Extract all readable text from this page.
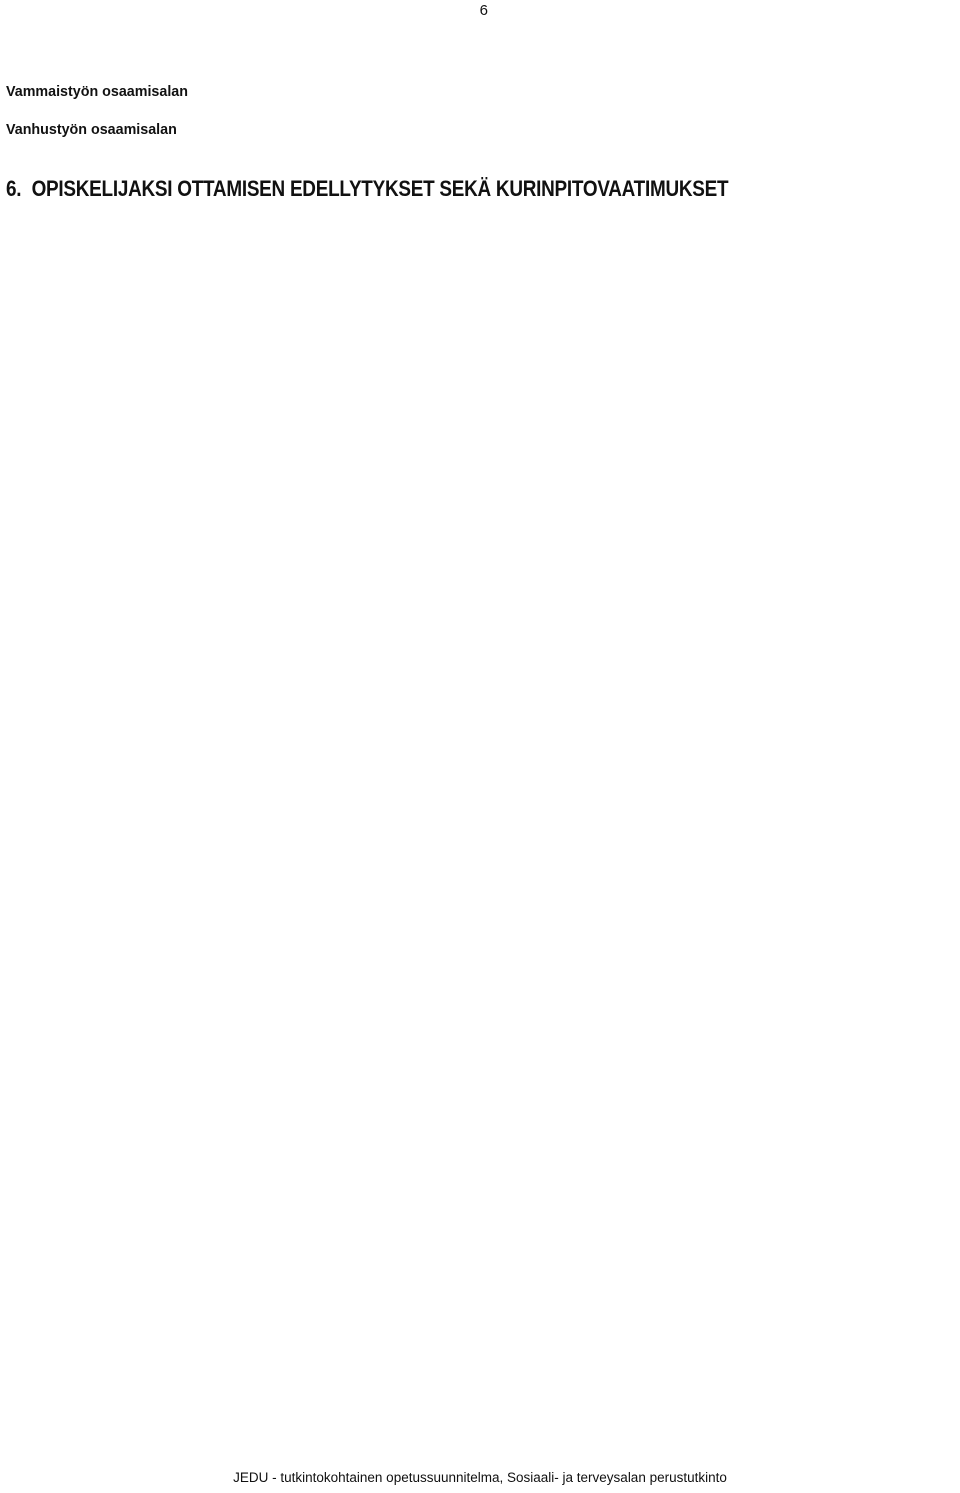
6

Vammaistyön osaamisalan

Vanhustyön osaamisalan

6. OPISKELIJAKSI OTTAMISEN EDELLYTYKSET SEKÄ KURINPITOVAATIMUKSET

JEDU - tutkintokohtainen opetussuunnitelma, Sosiaali- ja terveysalan perustutkinto
